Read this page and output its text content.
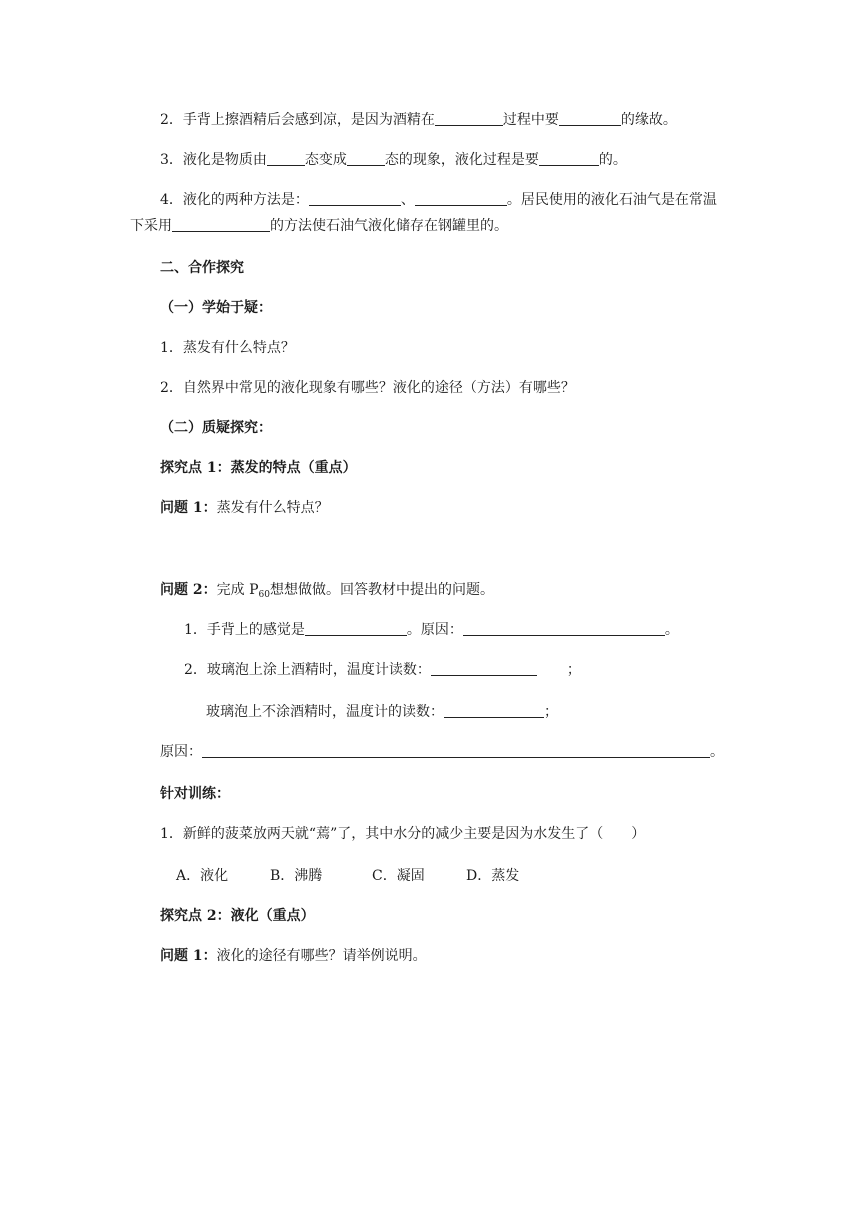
2．手背上擦酒精后会感到凉，是因为酒精在	过程中要	的缘故。
3．液化是物质由	态变成	态的现象，液化过程是要	的。
4．液化的两种方法是：	、	。居民使用的液化石油气是在常温
下采用	的方法使石油气液化储存在钢罐里的。
二、合作探究
（一）学始于疑：
1．蒸发有什么特点？
2．自然界中常见的液化现象有哪些？液化的途径（方法）有哪些？
（二）质疑探究：
探究点 1：蒸发的特点（重点）
问题 1：蒸发有什么特点？
问题 2：完成 $P_{60}$想想做做。回答教材中提出的问题。
1．手背上的感觉是	。原因：	。
2．玻璃泡上涂上酒精时，温度计读数：	；
玻璃泡上不涂酒精时，温度计的读数：	；
原因：	。
针对训练：
1．新鲜的菠菜放两天就“蔫”了，其中水分的减少主要是因为水发生了（　　）
A．液化	B．沸腾	C．凝固	D．蒸发
探究点 2：液化（重点）
问题 1：液化的途径有哪些？请举例说明。
